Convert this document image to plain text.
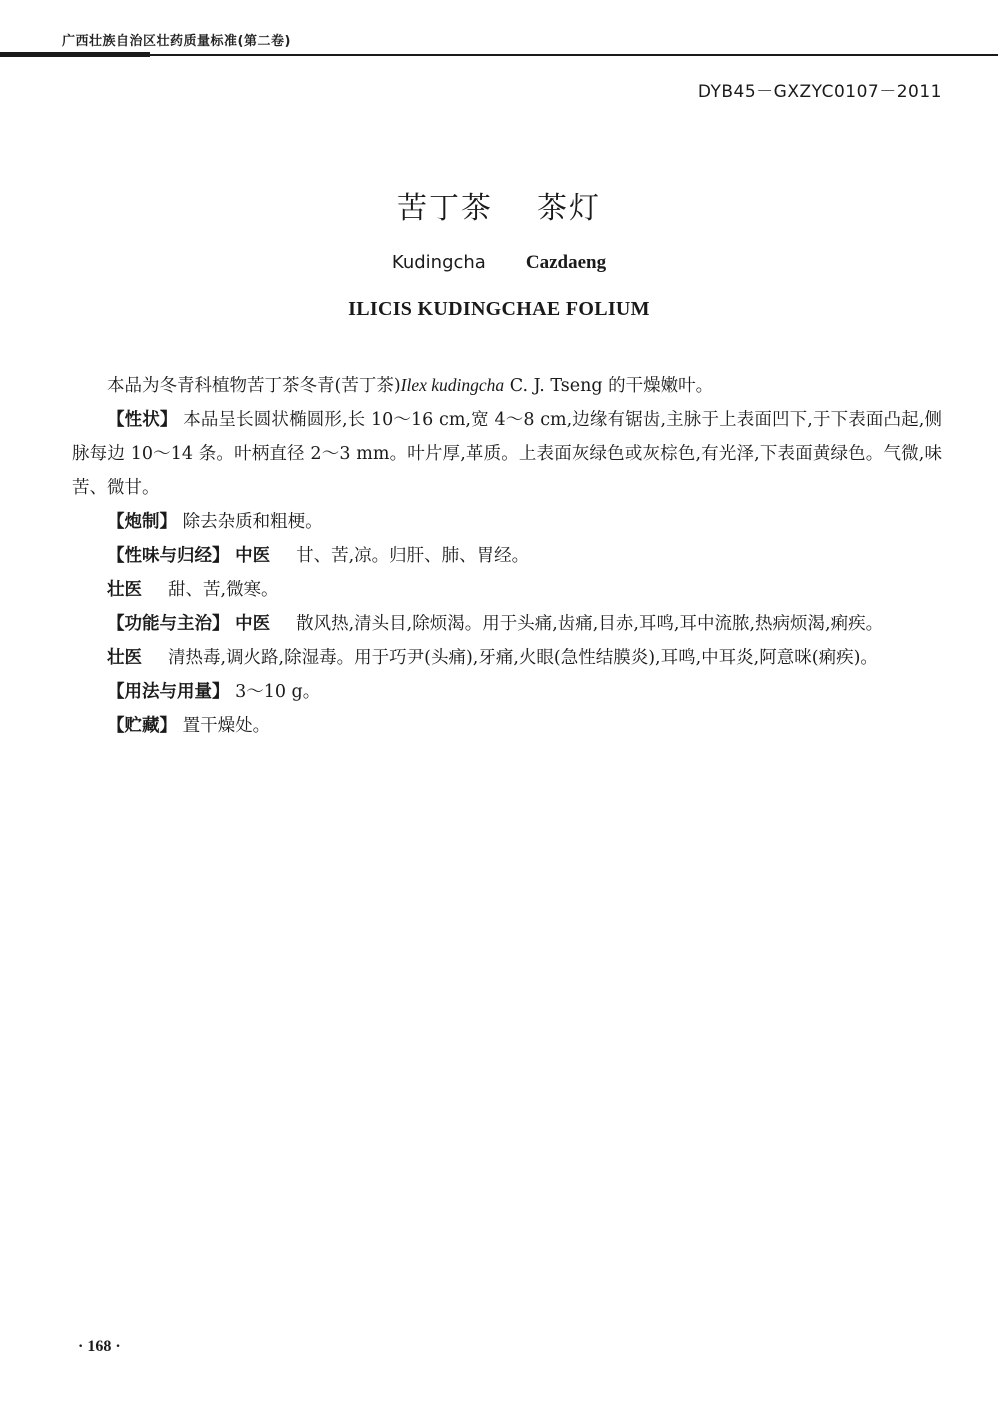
广西壮族自治区壮药质量标准(第二卷)
DYB45－GXZYC0107－2011
苦丁茶 茶灯
Kudingcha Cazdaeng
ILICIS KUDINGCHAE FOLIUM

本品为冬青科植物苦丁茶冬青(苦丁茶)Ilex kudingcha C. J. Tseng 的干燥嫩叶。

【性状】 本品呈长圆状椭圆形,长 10～16 cm,宽 4～8 cm,边缘有锯齿,主脉于上表面凹下,于下表面凸起,侧脉每边 10～14 条。叶柄直径 2～3 mm。叶片厚,革质。上表面灰绿色或灰棕色,有光泽,下表面黄绿色。气微,味苦、微甘。

【炮制】 除去杂质和粗梗。

【性味与归经】 中医 甘、苦,凉。归肝、肺、胃经。

壮医 甜、苦,微寒。

【功能与主治】 中医 散风热,清头目,除烦渴。用于头痛,齿痛,目赤,耳鸣,耳中流脓,热病烦渴,痢疾。

壮医 清热毒,调火路,除湿毒。用于巧尹(头痛),牙痛,火眼(急性结膜炎),耳鸣,中耳炎,阿意咪(痢疾)。

【用法与用量】 3～10 g。

【贮藏】 置干燥处。

· 168 ·
